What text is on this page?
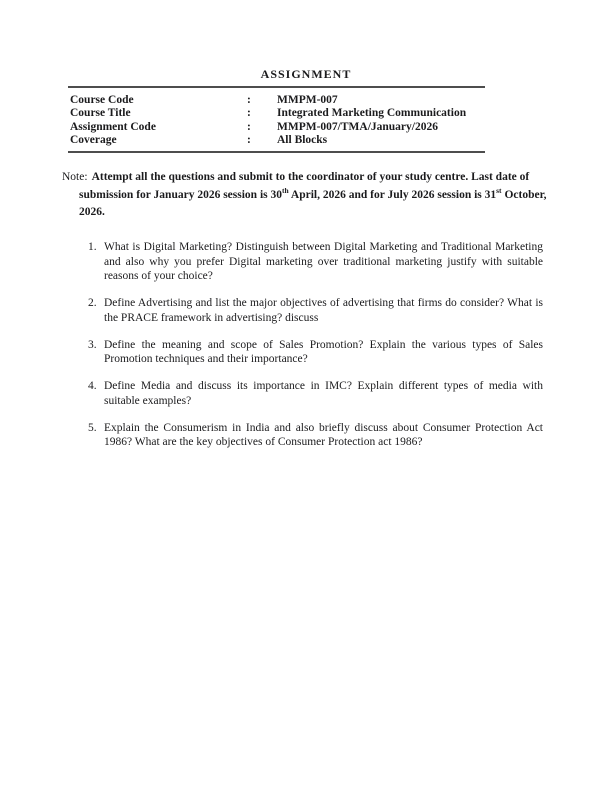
ASSIGNMENT
Course Code	:	MMPM-007
Course Title	:	Integrated Marketing Communication
Assignment Code	:	MMPM-007/TMA/January/2026
Coverage	:	All Blocks

Note: Attempt all the questions and submit to the coordinator of your study centre. Last date of submission for January 2026 session is 30th April, 2026 and for July 2026 session is 31st October, 2026.

1. What is Digital Marketing? Distinguish between Digital Marketing and Traditional Marketing and also why you prefer Digital marketing over traditional marketing justify with suitable reasons of your choice?
2. Define Advertising and list the major objectives of advertising that firms do consider? What is the PRACE framework in advertising? discuss
3. Define the meaning and scope of Sales Promotion? Explain the various types of Sales Promotion techniques and their importance?
4. Define Media and discuss its importance in IMC? Explain different types of media with suitable examples?
5. Explain the Consumerism in India and also briefly discuss about Consumer Protection Act 1986? What are the key objectives of Consumer Protection act 1986?
